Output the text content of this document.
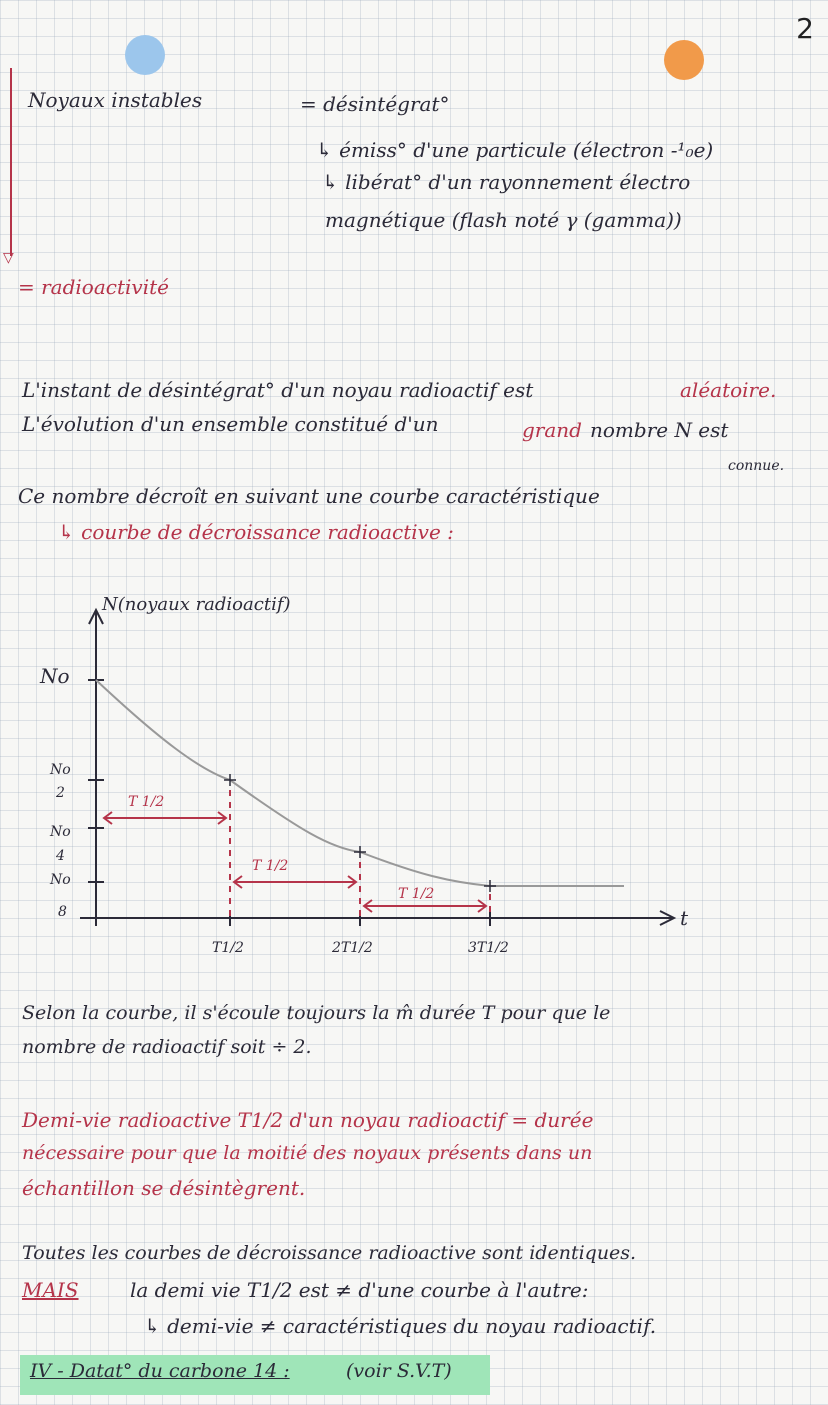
2
▽
Noyaux instables	= désintégrat°
↳ émiss° d'une particule (électron -¹₀e)
↳ libérat° d'un rayonnement électro
magnétique (flash noté γ (gamma))
= radioactivité
L'instant de désintégrat° d'un noyau radioactif est	aléatoire.
L'évolution d'un ensemble constitué d'un	grand nombre N est
connue.
Ce nombre décroît en suivant une courbe caractéristique
↳ courbe de décroissance radioactive :
N(noyaux radioactif)
No
No
2
No
4
No
8	t
T1/2	2T1/2	3T1/2
T 1/2
T 1/2
T 1/2
Selon la courbe, il s'écoule toujours la m̂ durée T pour que le
nombre de radioactif soit ÷ 2.
Demi-vie radioactive T1/2 d'un noyau radioactif = durée
nécessaire pour que la moitié des noyaux présents dans un
échantillon se désintègrent.
Toutes les courbes de décroissance radioactive sont identiques.
MAIS	la demi vie T1/2 est ≠ d'une courbe à l'autre:
↳ demi-vie ≠ caractéristiques du noyau radioactif.
IV - Datat° du carbone 14 :	(voir S.V.T)
